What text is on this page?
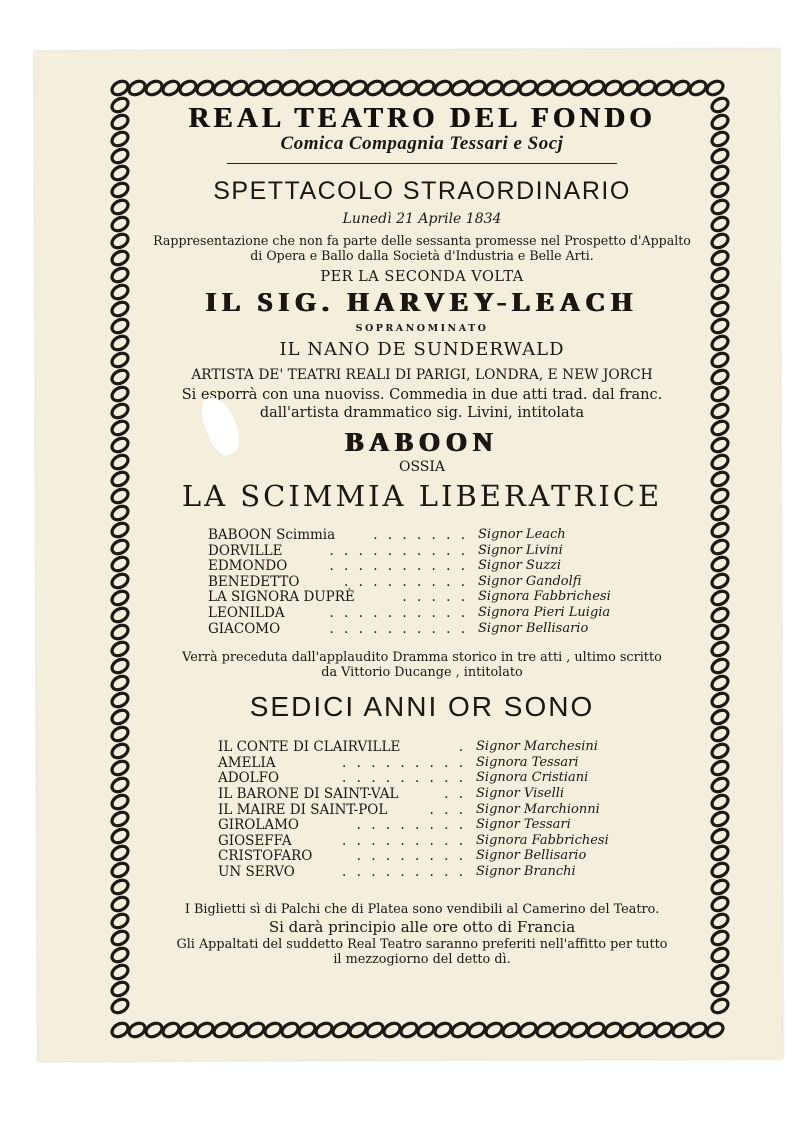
REAL TEATRO DEL FONDO
Comica Compagnia Tessari e Socj
SPETTACOLO STRAORDINARIO
Lunedì 21 Aprile 1834
Rappresentazione che non fa parte delle sessanta promesse nel Prospetto d'Appalto
di Opera e Ballo dalla Società d'Industria e Belle Arti.
PER LA SECONDA VOLTA
IL SIG. HARVEY-LEACH
SOPRANOMINATO
IL NANO DE SUNDERWALD
ARTISTA DE' TEATRI REALI DI PARIGI, LONDRA, E NEW JORCH
Si esporrà con una nuoviss. Commedia in due atti trad. dal franc.
dall'artista drammatico sig. Livini, intitolata
BABOON
OSSIA
LA SCIMMIA LIBERATRICE
BABOON Scimmia	. . . . . . . Signor Leach
DORVILLE	. . . . . . . . . . Signor Livini
EDMONDO	. . . . . . . . . . Signor Suzzi
BENEDETTO	. . . . . . . . . Signor Gandolfi
LA SIGNORA DUPRÈ	. . . . . Signora Fabbrichesi
LEONILDA	. . . . . . . . . . Signora Pieri Luigia
GIACOMO	. . . . . . . . . . Signor Bellisario
Verrà preceduta dall'applaudito Dramma storico in tre atti , ultimo scritto
da Vittorio Ducange , intitolato
SEDICI ANNI OR SONO
IL CONTE DI CLAIRVILLE	. Signor Marchesini
AMELIA	. . . . . . . . . Signora Tessari
ADOLFO	. . . . . . . . . Signora Cristiani
IL BARONE DI SAINT-VAL	. . Signor Viselli
IL MAIRE DI SAINT-POL	. . . Signor Marchionni
GIROLAMO	. . . . . . . . Signor Tessari
GIOSEFFA	. . . . . . . . . Signora Fabbrichesi
CRISTOFARO	. . . . . . . . Signor Bellisario
UN SERVO	. . . . . . . . . Signor Branchi
I Biglietti sì di Palchi che di Platea sono vendibili al Camerino del Teatro.
Si darà principio alle ore otto di Francia
Gli Appaltati del suddetto Real Teatro saranno preferiti nell'affitto per tutto
il mezzogiorno del detto dì.
